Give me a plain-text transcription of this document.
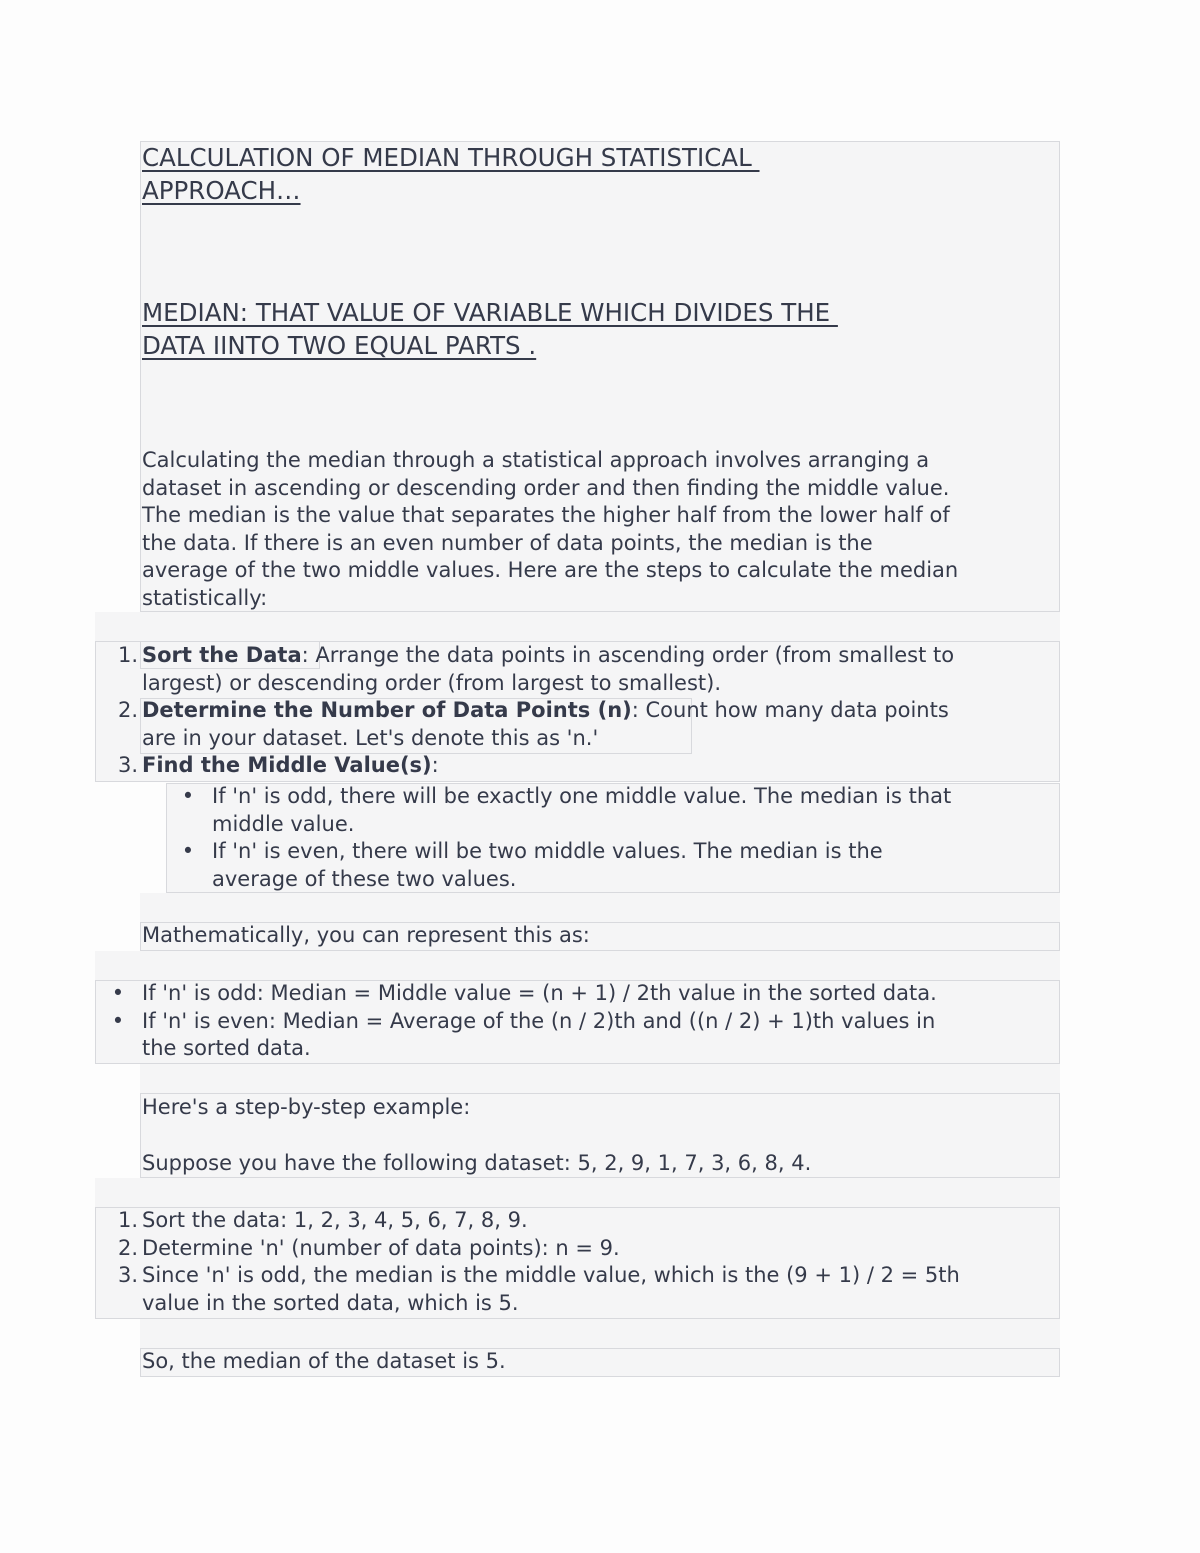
CALCULATION OF MEDIAN THROUGH STATISTICAL

APPROACH…

MEDIAN: THAT VALUE OF VARIABLE WHICH DIVIDES THE

DATA IINTO TWO EQUAL PARTS .

Calculating the median through a statistical approach involves arranging a

dataset in ascending or descending order and then finding the middle value.

The median is the value that separates the higher half from the lower half of

the data. If there is an even number of data points, the median is the

average of the two middle values. Here are the steps to calculate the median

statistically:

1. Sort the Data: Arrange the data points in ascending order (from smallest to

largest) or descending order (from largest to smallest).

2. Determine the Number of Data Points (n): Count how many data points

are in your dataset. Let's denote this as 'n.'

3. Find the Middle Value(s):

• If 'n' is odd, there will be exactly one middle value. The median is that

middle value.

• If 'n' is even, there will be two middle values. The median is the

average of these two values.

Mathematically, you can represent this as:

• If 'n' is odd: Median = Middle value = (n + 1) / 2th value in the sorted data.

• If 'n' is even: Median = Average of the (n / 2)th and ((n / 2) + 1)th values in

the sorted data.

Here's a step-by-step example:

Suppose you have the following dataset: 5, 2, 9, 1, 7, 3, 6, 8, 4.

1. Sort the data: 1, 2, 3, 4, 5, 6, 7, 8, 9.

2. Determine 'n' (number of data points): n = 9.

3. Since 'n' is odd, the median is the middle value, which is the (9 + 1) / 2 = 5th

value in the sorted data, which is 5.

So, the median of the dataset is 5.
